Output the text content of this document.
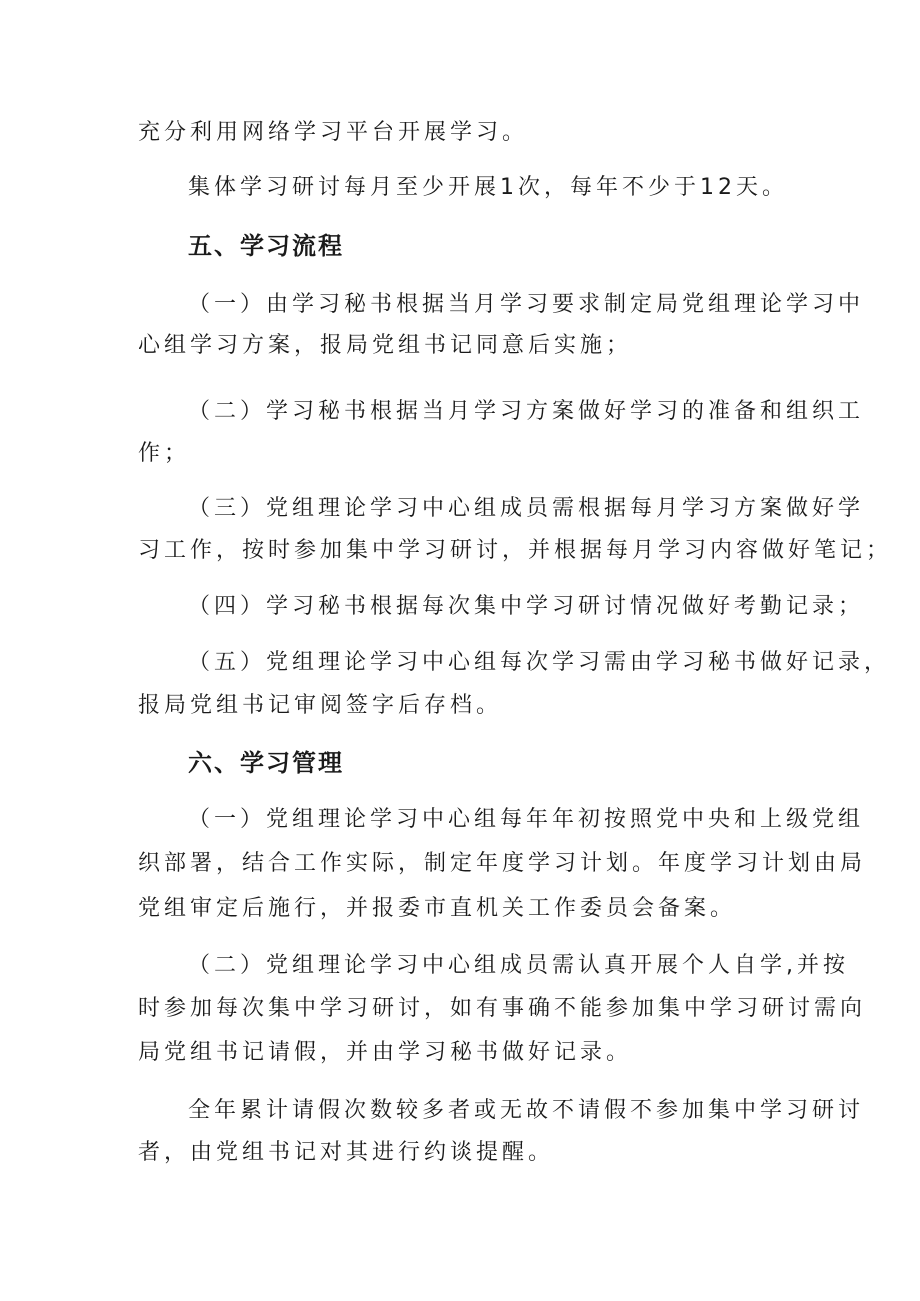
充分利用网络学习平台开展学习。
集体学习研讨每月至少开展1次，每年不少于12天。
五、学习流程
（一）由学习秘书根据当月学习要求制定局党组理论学习中
心组学习方案，报局党组书记同意后实施；
（二）学习秘书根据当月学习方案做好学习的准备和组织工
作；
（三）党组理论学习中心组成员需根据每月学习方案做好学
习工作，按时参加集中学习研讨，并根据每月学习内容做好笔记；
（四）学习秘书根据每次集中学习研讨情况做好考勤记录；
（五）党组理论学习中心组每次学习需由学习秘书做好记录，
报局党组书记审阅签字后存档。
六、学习管理
（一）党组理论学习中心组每年年初按照党中央和上级党组
织部署，结合工作实际，制定年度学习计划。年度学习计划由局
党组审定后施行，并报委市直机关工作委员会备案。
（二）党组理论学习中心组成员需认真开展个人自学,并按
时参加每次集中学习研讨，如有事确不能参加集中学习研讨需向
局党组书记请假，并由学习秘书做好记录。
全年累计请假次数较多者或无故不请假不参加集中学习研讨
者，由党组书记对其进行约谈提醒。
